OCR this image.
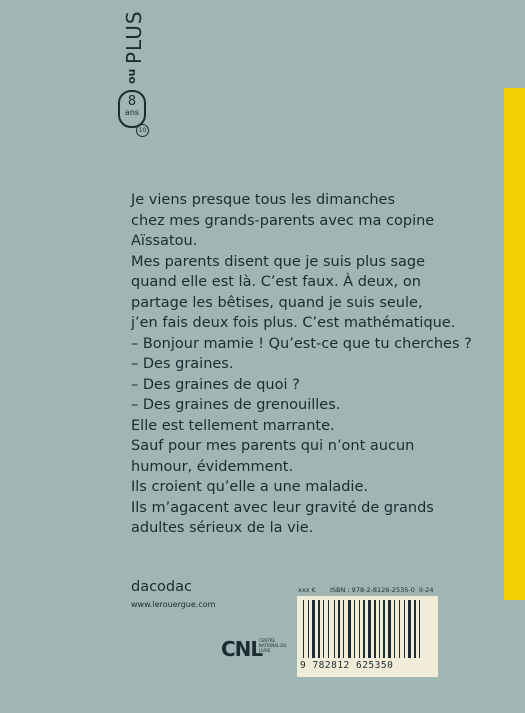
PLUS
ou
8
ans
10

Je viens presque tous les dimanches

chez mes grands-parents avec ma copine

Aïssatou.

Mes parents disent que je suis plus sage

quand elle est là. C’est faux. À deux, on

partage les bêtises, quand je suis seule,

j’en fais deux fois plus. C’est mathématique.

– Bonjour mamie ! Qu’est-ce que tu cherches ?

– Des graines.

– Des graines de quoi ?

– Des graines de grenouilles.

Elle est tellement marrante.

Sauf pour mes parents qui n’ont aucun

humour, évidemment.

Ils croient qu’elle a une maladie.

Ils m’agacent avec leur gravité de grands

adultes sérieux de la vie.

dacodac
www.lerouergue.com
xxx € ISBN : 978-2-8126-2535-0 II-24
9 782812 625350
CNL
CENTRE NATIONAL DU LIVRE
